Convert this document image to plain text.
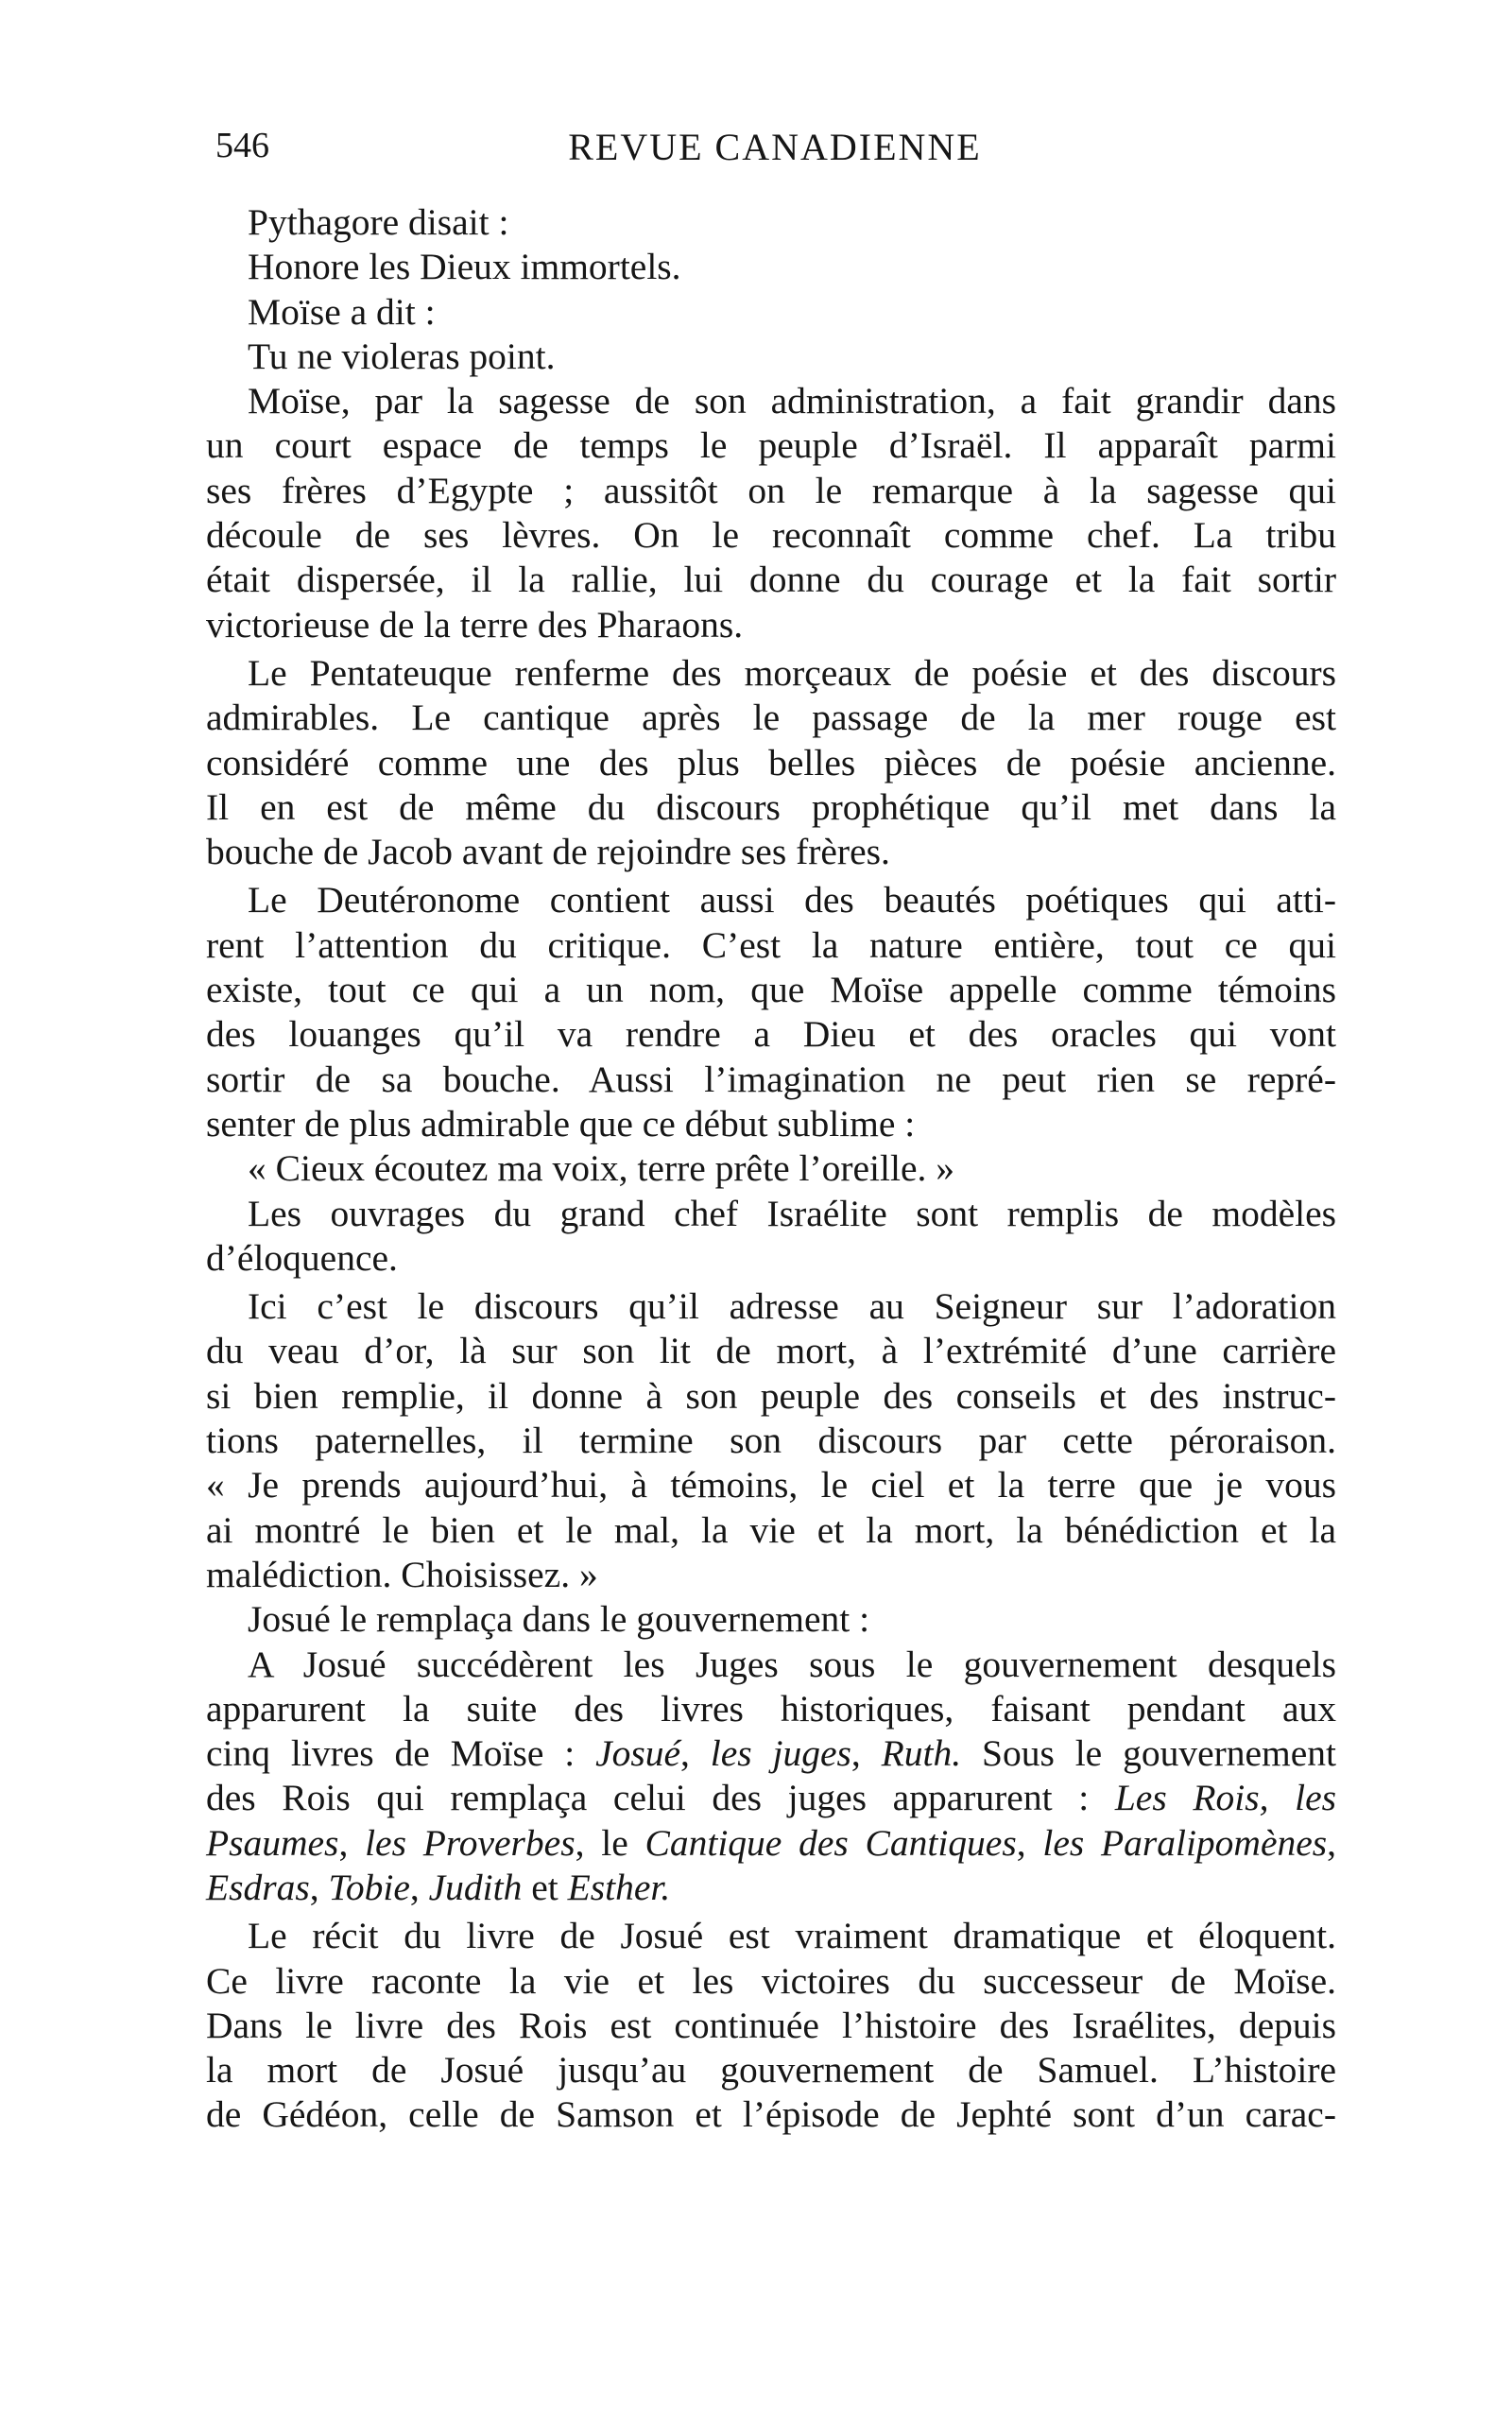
546	REVUE CANADIENNE
Pythagore disait :
Honore les Dieux immortels.
Moïse a dit :
Tu ne violeras point.
Moïse, par la sagesse de son administration, a fait grandir dans
un court espace de temps le peuple d’Israël. Il apparaît parmi
ses frères d’Egypte ; aussitôt on le remarque à la sagesse qui
découle de ses lèvres. On le reconnaît comme chef. La tribu
était dispersée, il la rallie, lui donne du courage et la fait sortir
victorieuse de la terre des Pharaons.
Le Pentateuque renferme des morçeaux de poésie et des discours
admirables. Le cantique après le passage de la mer rouge est
considéré comme une des plus belles pièces de poésie ancienne.
Il en est de même du discours prophétique qu’il met dans la
bouche de Jacob avant de rejoindre ses frères.
Le Deutéronome contient aussi des beautés poétiques qui atti-
rent l’attention du critique. C’est la nature entière, tout ce qui
existe, tout ce qui a un nom, que Moïse appelle comme témoins
des louanges qu’il va rendre a Dieu et des oracles qui vont
sortir de sa bouche. Aussi l’imagination ne peut rien se repré-
senter de plus admirable que ce début sublime :
« Cieux écoutez ma voix, terre prête l’oreille. »
Les ouvrages du grand chef Israélite sont remplis de modèles
d’éloquence.
Ici c’est le discours qu’il adresse au Seigneur sur l’adoration
du veau d’or, là sur son lit de mort, à l’extrémité d’une carrière
si bien remplie, il donne à son peuple des conseils et des instruc-
tions paternelles, il termine son discours par cette péroraison.
« Je prends aujourd’hui, à témoins, le ciel et la terre que je vous
ai montré le bien et le mal, la vie et la mort, la bénédiction et la
malédiction. Choisissez. »
Josué le remplaça dans le gouvernement :
A Josué succédèrent les Juges sous le gouvernement desquels
apparurent la suite des livres historiques, faisant pendant aux
cinq livres de Moïse : Josué, les juges, Ruth. Sous le gouvernement
des Rois qui remplaça celui des juges apparurent : Les Rois, les
Psaumes, les Proverbes, le Cantique des Cantiques, les Paralipomènes,
Esdras, Tobie, Judith et Esther.
Le récit du livre de Josué est vraiment dramatique et éloquent.
Ce livre raconte la vie et les victoires du successeur de Moïse.
Dans le livre des Rois est continuée l’histoire des Israélites, depuis
la mort de Josué jusqu’au gouvernement de Samuel. L’histoire
de Gédéon, celle de Samson et l’épisode de Jephté sont d’un carac-
